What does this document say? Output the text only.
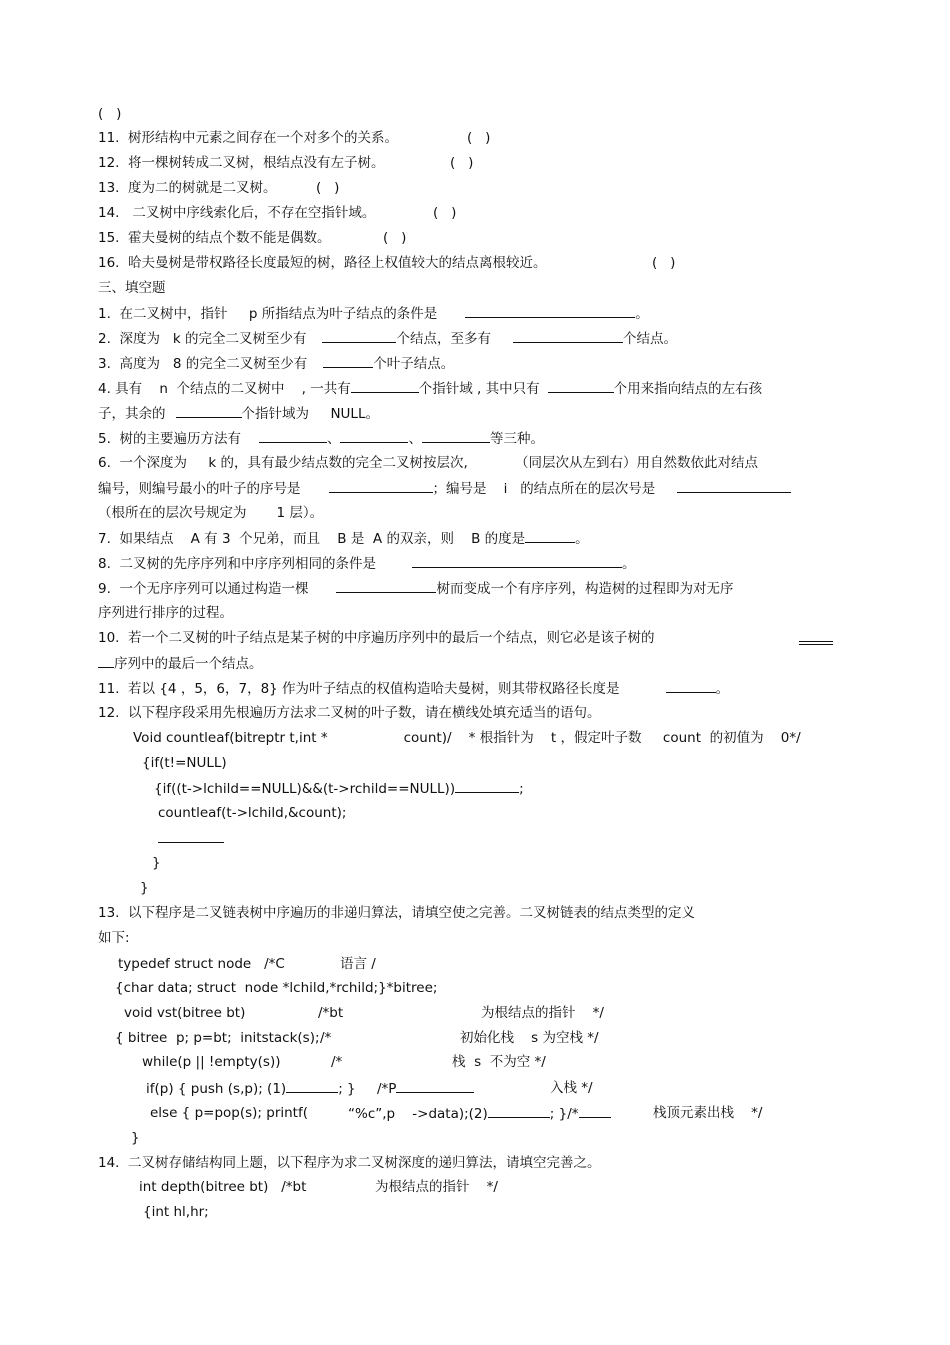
(   )
11.  树形结构中元素之间存在一个对多个的关系。	(   )
12.  将一棵树转成二叉树，根结点没有左子树。	(   )
13.  度为二的树就是二叉树。	(   )
14.   二叉树中序线索化后，不存在空指针域。	(   )
15.  霍夫曼树的结点个数不能是偶数。	(   )
16.  哈夫曼树是带权路径长度最短的树，路径上权值较大的结点离根较近。	(   )
三、填空题
1.  在二叉树中，指针     p 所指结点为叶子结点的条件是	。
2.  深度为   k 的完全二叉树至少有	个结点，至多有	个结点。
3.  高度为   8 的完全二叉树至少有	个叶子结点。
4. 具有    n  个结点的二叉树中    , 一共有	个指针域 , 其中只有	个用来指向结点的左右孩
子，其余的	个指针域为     NULL。
5.  树的主要遍历方法有	、	、	等三种。
6.  一个深度为     k 的，具有最少结点数的完全二叉树按层次,           （同层次从左到右）用自然数依此对结点
编号，则编号最小的叶子的序号是	；编号是    i   的结点所在的层次号是
（根所在的层次号规定为       1 层）。
7.  如果结点    A 有 3  个兄弟，而且    B 是  A 的双亲，则    B 的度是	。
8.  二叉树的先序序列和中序序列相同的条件是	。
9.  一个无序序列可以通过构造一棵	树而变成一个有序序列，构造树的过程即为对无序
序列进行排序的过程。
10.  若一个二叉树的叶子结点是某子树的中序遍历序列中的最后一个结点，则它必是该子树的
序列中的最后一个结点。
11.  若以 {4 ，5，6，7，8} 作为叶子结点的权值构造哈夫曼树，则其带权路径长度是	。
12.  以下程序段采用先根遍历方法求二叉树的叶子数，请在横线处填充适当的语句。
Void countleaf(bitreptr t,int *	count)/    * 根指针为    t ，假定叶子数     count  的初值为    0*/
{if(t!=NULL)
{if((t->lchild==NULL)&&(t->rchild==NULL))	;
countleaf(t->lchild,&count);
}
}
13.  以下程序是二叉链表树中序遍历的非递归算法，请填空使之完善。二叉树链表的结点类型的定义
如下:
typedef struct node   /*C	语言 /
{char data; struct  node *lchild,*rchild;}*bitree;
void vst(bitree bt)	/*bt	为根结点的指针    */
{ bitree  p; p=bt;  initstack(s); /*	初始化栈    s 为空栈 */
while(p || !empty(s))	/*	栈  s  不为空 */
if(p) { push (s,p); (1)	; } /*P	入栈 */
else { p=pop(s); printf(	“%c”,p    ->data);(2)	; }/*	栈顶元素出栈    */
}
14.  二叉树存储结构同上题，以下程序为求二叉树深度的递归算法，请填空完善之。
int depth(bitree bt)   /*bt	为根结点的指针    */
{int hl,hr;
